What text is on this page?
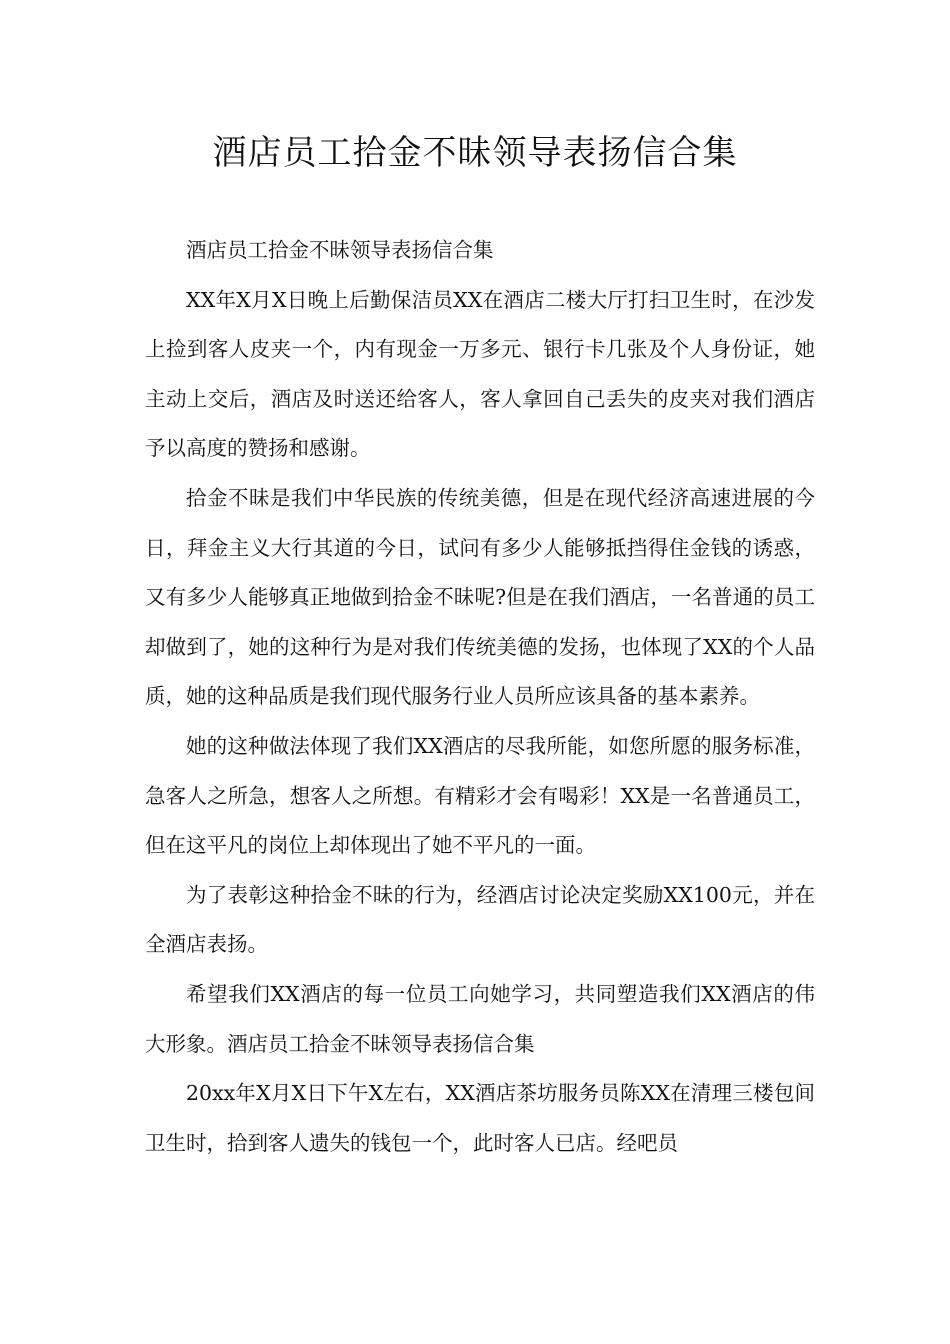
酒店员工拾金不昧领导表扬信合集

酒店员工拾金不昧领导表扬信合集

XX年X月X日晚上后勤保洁员XX在酒店二楼大厅打扫卫生时，在沙发上捡到客人皮夹一个，内有现金一万多元、银行卡几张及个人身份证，她主动上交后，酒店及时送还给客人，客人拿回自己丢失的皮夹对我们酒店予以高度的赞扬和感谢。

拾金不昧是我们中华民族的传统美德，但是在现代经济高速进展的今日，拜金主义大行其道的今日，试问有多少人能够抵挡得住金钱的诱惑，又有多少人能够真正地做到拾金不昧呢?但是在我们酒店，一名普通的员工却做到了，她的这种行为是对我们传统美德的发扬，也体现了XX的个人品质，她的这种品质是我们现代服务行业人员所应该具备的基本素养。

她的这种做法体现了我们XX酒店的尽我所能，如您所愿的服务标准，急客人之所急，想客人之所想。有精彩才会有喝彩！XX是一名普通员工，但在这平凡的岗位上却体现出了她不平凡的一面。

为了表彰这种拾金不昧的行为，经酒店讨论决定奖励XX100元，并在全酒店表扬。

希望我们XX酒店的每一位员工向她学习，共同塑造我们XX酒店的伟大形象。酒店员工拾金不昧领导表扬信合集

20xx年X月X日下午X左右，XX酒店茶坊服务员陈XX在清理三楼包间卫生时，拾到客人遗失的钱包一个，此时客人已店。经吧员
